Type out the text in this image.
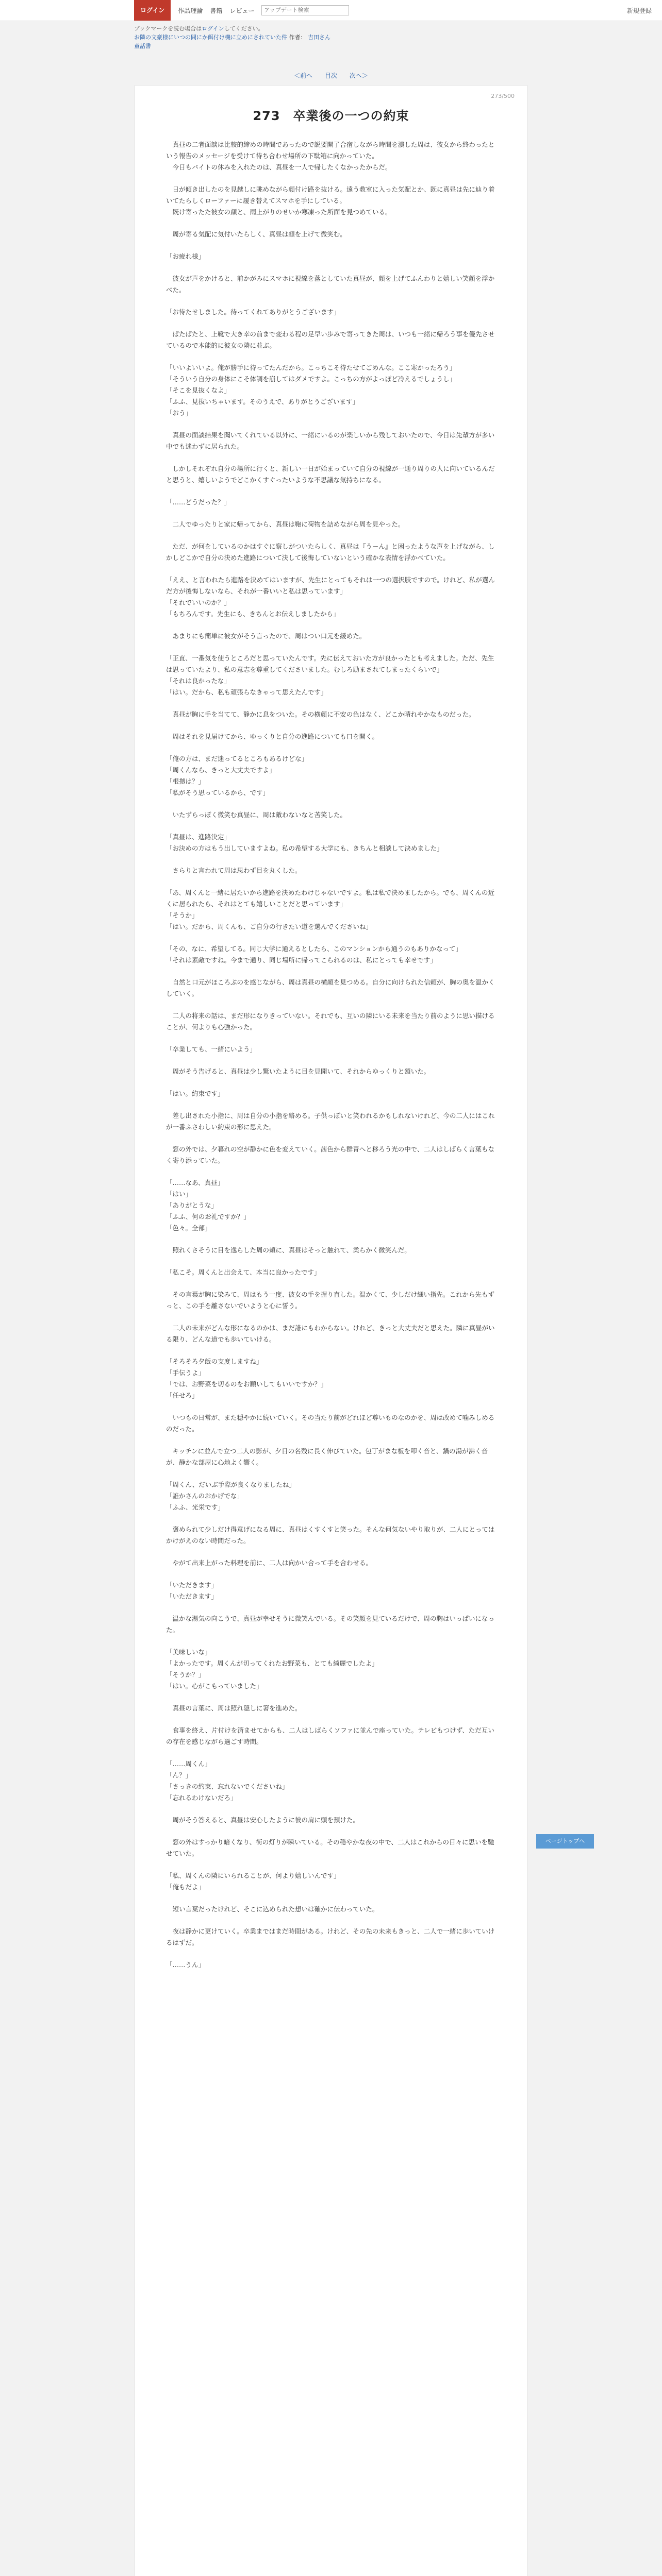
ログイン	作品理論 書籍 レビュー
アップデート検索	新規登録
ブックマークを読む場合はログインしてください。
お隣の文豪様にいつの間にか餌付け機に立めにされていた件 作者： 吉田さん
童話書
＜前へ 目次 次へ＞
273/500
273　卒業後の一つの約束

　真昼の二者面談は比較的締めの時間であったので説要開了合宿しながら時間を潰した周は、彼女から終わったという報告のメッセージを受けて待ち合わせ場所の下駄箱に向かっていた。
　今日もバイトの休みを入れたのは、真昼を一人で帰したくなかったからだ。

　日が傾き出したのを見越しに眺めながら顔付け路を抜ける。遠う教室に入った気配とか、既に真昼は先に辿り着いてたらしくローファーに履き替えてスマホを手にしている。
　既け寄ったた彼女の顔と、雨上がりのせいか寒凍った所面を見つめている。

　周が寄る気配に気付いたらしく、真昼は顔を上げて微笑む。

「お疲れ様」

　彼女が声をかけると、前かがみにスマホに視線を落としていた真昼が、顔を上げてふんわりと嬉しい笑顔を浮かべた。

「お待たせしました。待ってくれてありがとうございます」

　ぱたぱたと、上靴で大き幸の前まで変わる程の足早い歩みで寄ってきた周は、いつも一緒に帰ろう事を優先させているので本能的に彼女の隣に並ぶ。

「いいよいいよ。俺が勝手に待ってたんだから。こっちこそ待たせてごめんな。ここ寒かったろう」
「そういう自分の身体にこそ体調を崩してはダメですよ。こっちの方がよっぽど冷えるでしょうし」
「そこを見抜くなよ」
「ふふ、見抜いちゃいます。そのうえで、ありがとうございます」
「おう」

　真昼の面談結果を聞いてくれている以外に、一緒にいるのが楽しいから残しておいたので、今日は先輩方が多い中でも迷わずに居られた。

　しかしそれぞれ自分の場所に行くと、新しい一日が始まっていて自分の視線が一通り周りの人に向いているんだと思うと、嬉しいようでどこかくすぐったいような不思議な気持ちになる。

「……どうだった？」

　二人でゆったりと家に帰ってから、真昼は鞄に荷物を詰めながら周を見やった。

　ただ、が何をしているのかはすぐに察しがついたらしく、真昼は『うーん』と困ったような声を上げながら、しかしどこかで自分の決めた進路について決して後悔していないという確かな表情を浮かべていた。

「ええ、と言われたら進路を決めてはいますが、先生にとってもそれは一つの選択肢ですので。けれど、私が選んだ方が後悔しないなら、それが一番いいと私は思っています」
「それでいいのか？」
「もちろんです。先生にも、きちんとお伝えしましたから」

　あまりにも簡単に彼女がそう言ったので、周はつい口元を緩めた。

「正直、一番気を使うところだと思っていたんです。先に伝えておいた方が良かったとも考えました。ただ、先生は思っていたより、私の意志を尊重してくださいました。むしろ励まされてしまったくらいで」
「それは良かったな」
「はい。だから、私も頑張らなきゃって思えたんです」

　真昼が胸に手を当てて、静かに息をついた。その横顔に不安の色はなく、どこか晴れやかなものだった。

　周はそれを見届けてから、ゆっくりと自分の進路についても口を開く。

「俺の方は、まだ迷ってるところもあるけどな」
「周くんなら、きっと大丈夫ですよ」
「根拠は？」
「私がそう思っているから、です」

　いたずらっぽく微笑む真昼に、周は敵わないなと苦笑した。

「真昼は、進路決定」
「お決めの方はもう出していますよね。私の希望する大学にも、きちんと相談して決めました」

　さらりと言われて周は思わず目を丸くした。

「あ、周くんと一緒に居たいから進路を決めたわけじゃないですよ。私は私で決めましたから。でも、周くんの近くに居られたら、それはとても嬉しいことだと思っています」
「そうか」
「はい。だから、周くんも、ご自分の行きたい道を選んでくださいね」

「その、なに、希望してる。同じ大学に通えるとしたら、このマンションから通うのもありかなって」
「それは素敵ですね。今まで通り、同じ場所に帰ってこられるのは、私にとっても幸せです」

　自然と口元がほころぶのを感じながら、周は真昼の横顔を見つめる。自分に向けられた信頼が、胸の奥を温かくしていく。

　二人の将来の話は、まだ形になりきっていない。それでも、互いの隣にいる未来を当たり前のように思い描けることが、何よりも心強かった。

「卒業しても、一緒にいよう」

　周がそう告げると、真昼は少し驚いたように目を見開いて、それからゆっくりと頷いた。

「はい。約束です」

　差し出された小指に、周は自分の小指を絡める。子供っぽいと笑われるかもしれないけれど、今の二人にはこれが一番ふさわしい約束の形に思えた。

　窓の外では、夕暮れの空が静かに色を変えていく。茜色から群青へと移ろう光の中で、二人はしばらく言葉もなく寄り添っていた。

「……なあ、真昼」
「はい」
「ありがとうな」
「ふふ、何のお礼ですか？」
「色々。全部」

　照れくさそうに目を逸らした周の頬に、真昼はそっと触れて、柔らかく微笑んだ。

「私こそ。周くんと出会えて、本当に良かったです」

　その言葉が胸に染みて、周はもう一度、彼女の手を握り直した。温かくて、少しだけ細い指先。これから先もずっと、この手を離さないでいようと心に誓う。

　二人の未来がどんな形になるのかは、まだ誰にもわからない。けれど、きっと大丈夫だと思えた。隣に真昼がいる限り、どんな道でも歩いていける。

「そろそろ夕飯の支度しますね」
「手伝うよ」
「では、お野菜を切るのをお願いしてもいいですか？」
「任せろ」

　いつもの日常が、また穏やかに続いていく。その当たり前がどれほど尊いものなのかを、周は改めて噛みしめるのだった。

　キッチンに並んで立つ二人の影が、夕日の名残に長く伸びていた。包丁がまな板を叩く音と、鍋の湯が沸く音が、静かな部屋に心地よく響く。

「周くん、だいぶ手際が良くなりましたね」
「誰かさんのおかげでな」
「ふふ、光栄です」

　褒められて少しだけ得意げになる周に、真昼はくすくすと笑った。そんな何気ないやり取りが、二人にとってはかけがえのない時間だった。

　やがて出来上がった料理を前に、二人は向かい合って手を合わせる。

「いただきます」
「いただきます」

　温かな湯気の向こうで、真昼が幸せそうに微笑んでいる。その笑顔を見ているだけで、周の胸はいっぱいになった。

「美味しいな」
「よかったです。周くんが切ってくれたお野菜も、とても綺麗でしたよ」
「そうか？」
「はい。心がこもっていました」

　真昼の言葉に、周は照れ隠しに箸を進めた。

　食事を終え、片付けを済ませてからも、二人はしばらくソファに並んで座っていた。テレビもつけず、ただ互いの存在を感じながら過ごす時間。

「……周くん」
「ん？」
「さっきの約束、忘れないでくださいね」
「忘れるわけないだろ」

　周がそう答えると、真昼は安心したように彼の肩に頭を預けた。

　窓の外はすっかり暗くなり、街の灯りが瞬いている。その穏やかな夜の中で、二人はこれからの日々に思いを馳せていた。

「私、周くんの隣にいられることが、何より嬉しいんです」
「俺もだよ」

　短い言葉だったけれど、そこに込められた想いは確かに伝わっていた。

　夜は静かに更けていく。卒業まではまだ時間がある。けれど、その先の未来もきっと、二人で一緒に歩いていけるはずだ。

「……うん」

ページトップへ
